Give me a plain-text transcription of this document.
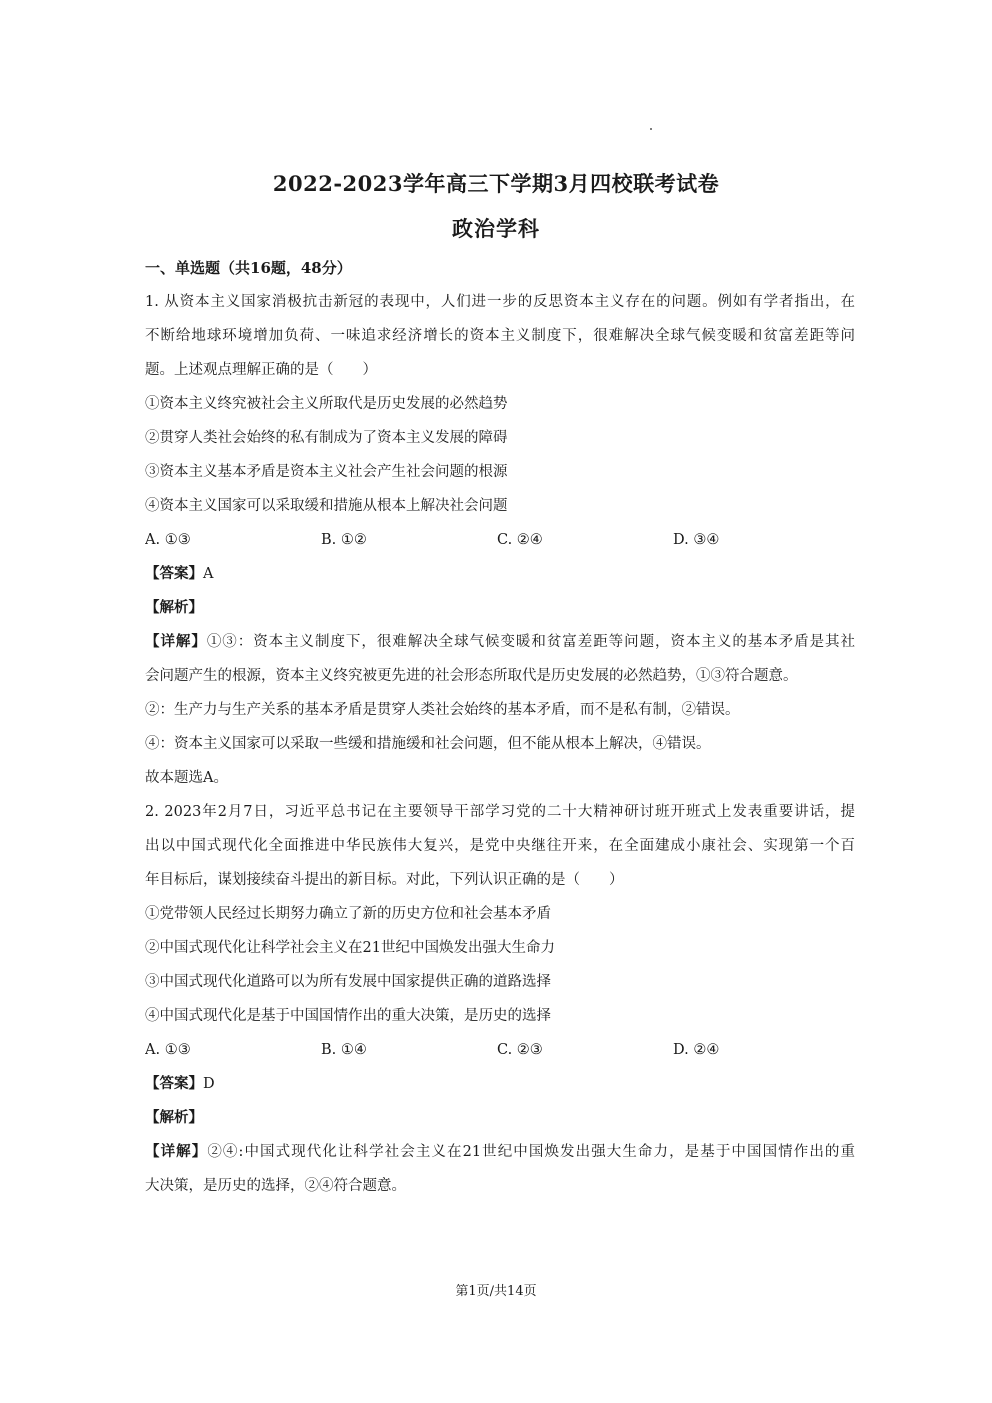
2022-2023学年高三下学期3月四校联考试卷
政治学科
一、单选题（共16题，48分）
1. 从资本主义国家消极抗击新冠的表现中，人们进一步的反思资本主义存在的问题。例如有学者指出，在
不断给地球环境增加负荷、一味追求经济增长的资本主义制度下，很难解决全球气候变暖和贫富差距等问
题。上述观点理解正确的是（　　）
①资本主义终究被社会主义所取代是历史发展的必然趋势
②贯穿人类社会始终的私有制成为了资本主义发展的障碍
③资本主义基本矛盾是资本主义社会产生社会问题的根源
④资本主义国家可以采取缓和措施从根本上解决社会问题
A. ①③	B. ①②	C. ②④	D. ③④
【答案】A
【解析】
【详解】①③：资本主义制度下，很难解决全球气候变暖和贫富差距等问题，资本主义的基本矛盾是其社
会问题产生的根源，资本主义终究被更先进的社会形态所取代是历史发展的必然趋势，①③符合题意。
②：生产力与生产关系的基本矛盾是贯穿人类社会始终的基本矛盾，而不是私有制，②错误。
④：资本主义国家可以采取一些缓和措施缓和社会问题，但不能从根本上解决，④错误。
故本题选A。
2. 2023年2月7日，习近平总书记在主要领导干部学习党的二十大精神研讨班开班式上发表重要讲话，提
出以中国式现代化全面推进中华民族伟大复兴，是党中央继往开来，在全面建成小康社会、实现第一个百
年目标后，谋划接续奋斗提出的新目标。对此，下列认识正确的是（　　）
①党带领人民经过长期努力确立了新的历史方位和社会基本矛盾
②中国式现代化让科学社会主义在21世纪中国焕发出强大生命力
③中国式现代化道路可以为所有发展中国家提供正确的道路选择
④中国式现代化是基于中国国情作出的重大决策，是历史的选择
A. ①③	B. ①④	C. ②③	D. ②④
【答案】D
【解析】
【详解】②④:中国式现代化让科学社会主义在21世纪中国焕发出强大生命力，是基于中国国情作出的重
大决策，是历史的选择，②④符合题意。
第1页/共14页
